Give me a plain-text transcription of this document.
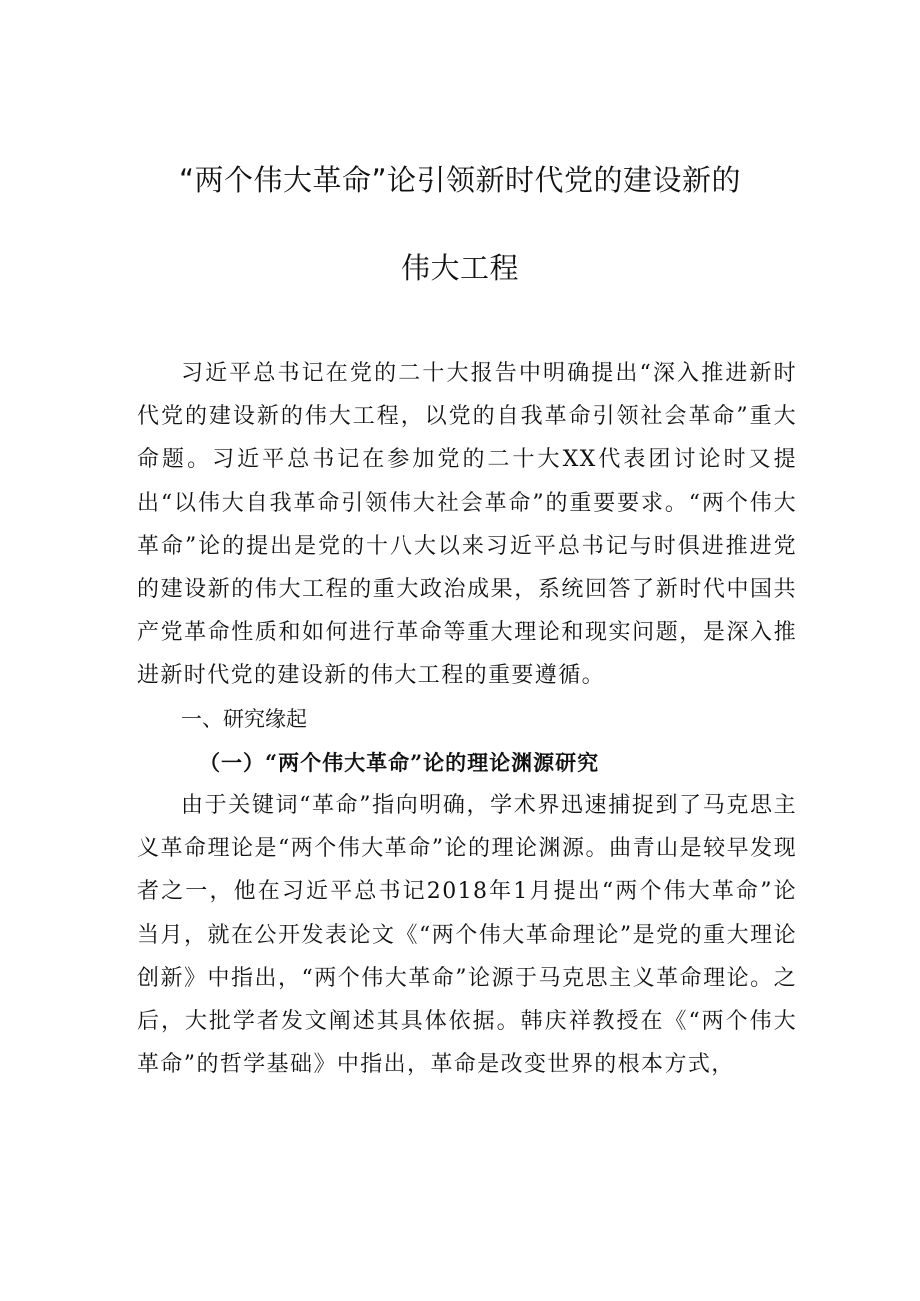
“两个伟大革命”论引领新时代党的建设新的
伟大工程

习近平总书记在党的二十大报告中明确提出“深入推进新时代党的建设新的伟大工程，以党的自我革命引领社会革命”重大命题。习近平总书记在参加党的二十大XX代表团讨论时又提出“以伟大自我革命引领伟大社会革命”的重要要求。“两个伟大革命”论的提出是党的十八大以来习近平总书记与时俱进推进党的建设新的伟大工程的重大政治成果，系统回答了新时代中国共产党革命性质和如何进行革命等重大理论和现实问题，是深入推进新时代党的建设新的伟大工程的重要遵循。

一、研究缘起
（一）“两个伟大革命”论的理论渊源研究

由于关键词“革命”指向明确，学术界迅速捕捉到了马克思主义革命理论是“两个伟大革命”论的理论渊源。曲青山是较早发现者之一，他在习近平总书记2018年1月提出“两个伟大革命”论当月，就在公开发表论文《“两个伟大革命理论”是党的重大理论创新》中指出，“两个伟大革命”论源于马克思主义革命理论。之后，大批学者发文阐述其具体依据。韩庆祥教授在《“两个伟大革命”的哲学基础》中指出，革命是改变世界的根本方式，
